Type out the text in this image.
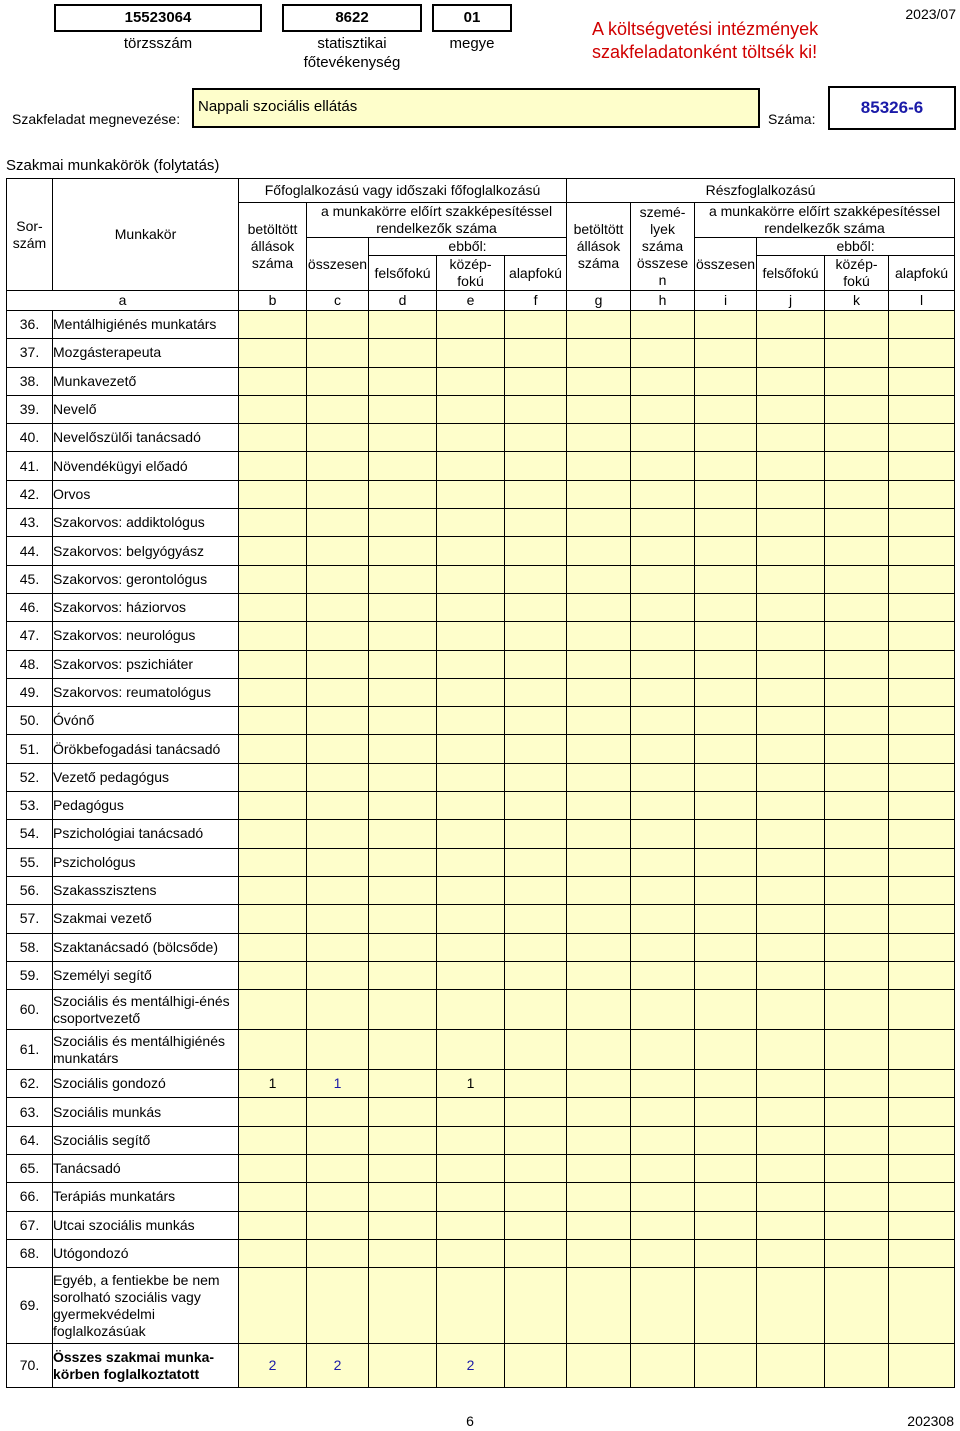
15523064
törzsszám
8622
statisztikai főtevékenység
01
megye
A költségvetési intézmények szakfeladatonként töltsék ki!
2023/07
Szakfeladat megnevezése:
Nappali szociális ellátás
Száma:
85326-6
Szakmai munkakörök (folytatás)
Sor-szám	Munkakör	Főfoglalkozású vagy időszaki főfoglalkozású					Részfoglalkozású					
		betöltött állások száma	a munkakörre előírt szakképesítéssel rendelkezők száma				betöltött állások száma	szemé-lyek száma összese n	a munkakörre előírt szakképesítéssel rendelkezők száma			
			összesen	ebből:					összesen	ebből:		
				felsőfokú	közép-fokú	alapfokú				felsőfokú	közép-fokú	alapfokú
a		b	c	d	e	f	g	h	i	j	k	l
36.	Mentálhigiénés munkatárs											
37.	Mozgásterapeuta											
38.	Munkavezető											
39.	Nevelő											
40.	Nevelőszülői tanácsadó											
41.	Növendékügyi előadó											
42.	Orvos											
43.	Szakorvos: addiktológus											
44.	Szakorvos: belgyógyász											
45.	Szakorvos: gerontológus											
46.	Szakorvos: háziorvos											
47.	Szakorvos: neurológus											
48.	Szakorvos: pszichiáter											
49.	Szakorvos: reumatológus											
50.	Óvónő											
51.	Örökbefogadási tanácsadó											
52.	Vezető pedagógus											
53.	Pedagógus											
54.	Pszichológiai tanácsadó											
55.	Pszichológus											
56.	Szakasszisztens											
57.	Szakmai vezető											
58.	Szaktanácsadó (bölcsőde)											
59.	Személyi segítő											
60.	Szociális és mentálhigi-énés csoportvezető											
61.	Szociális és mentálhigiénés munkatárs											
62.	Szociális gondozó	1	1		1							
63.	Szociális munkás											
64.	Szociális segítő											
65.	Tanácsadó											
66.	Terápiás munkatárs											
67.	Utcai szociális munkás											
68.	Utógondozó											
69.	Egyéb, a fentiekbe be nem sorolható szociális vagy gyermekvédelmi foglalkozásúak											
70.	Összes szakmai munka-körben foglalkoztatott	2	2		2							
6	202308
